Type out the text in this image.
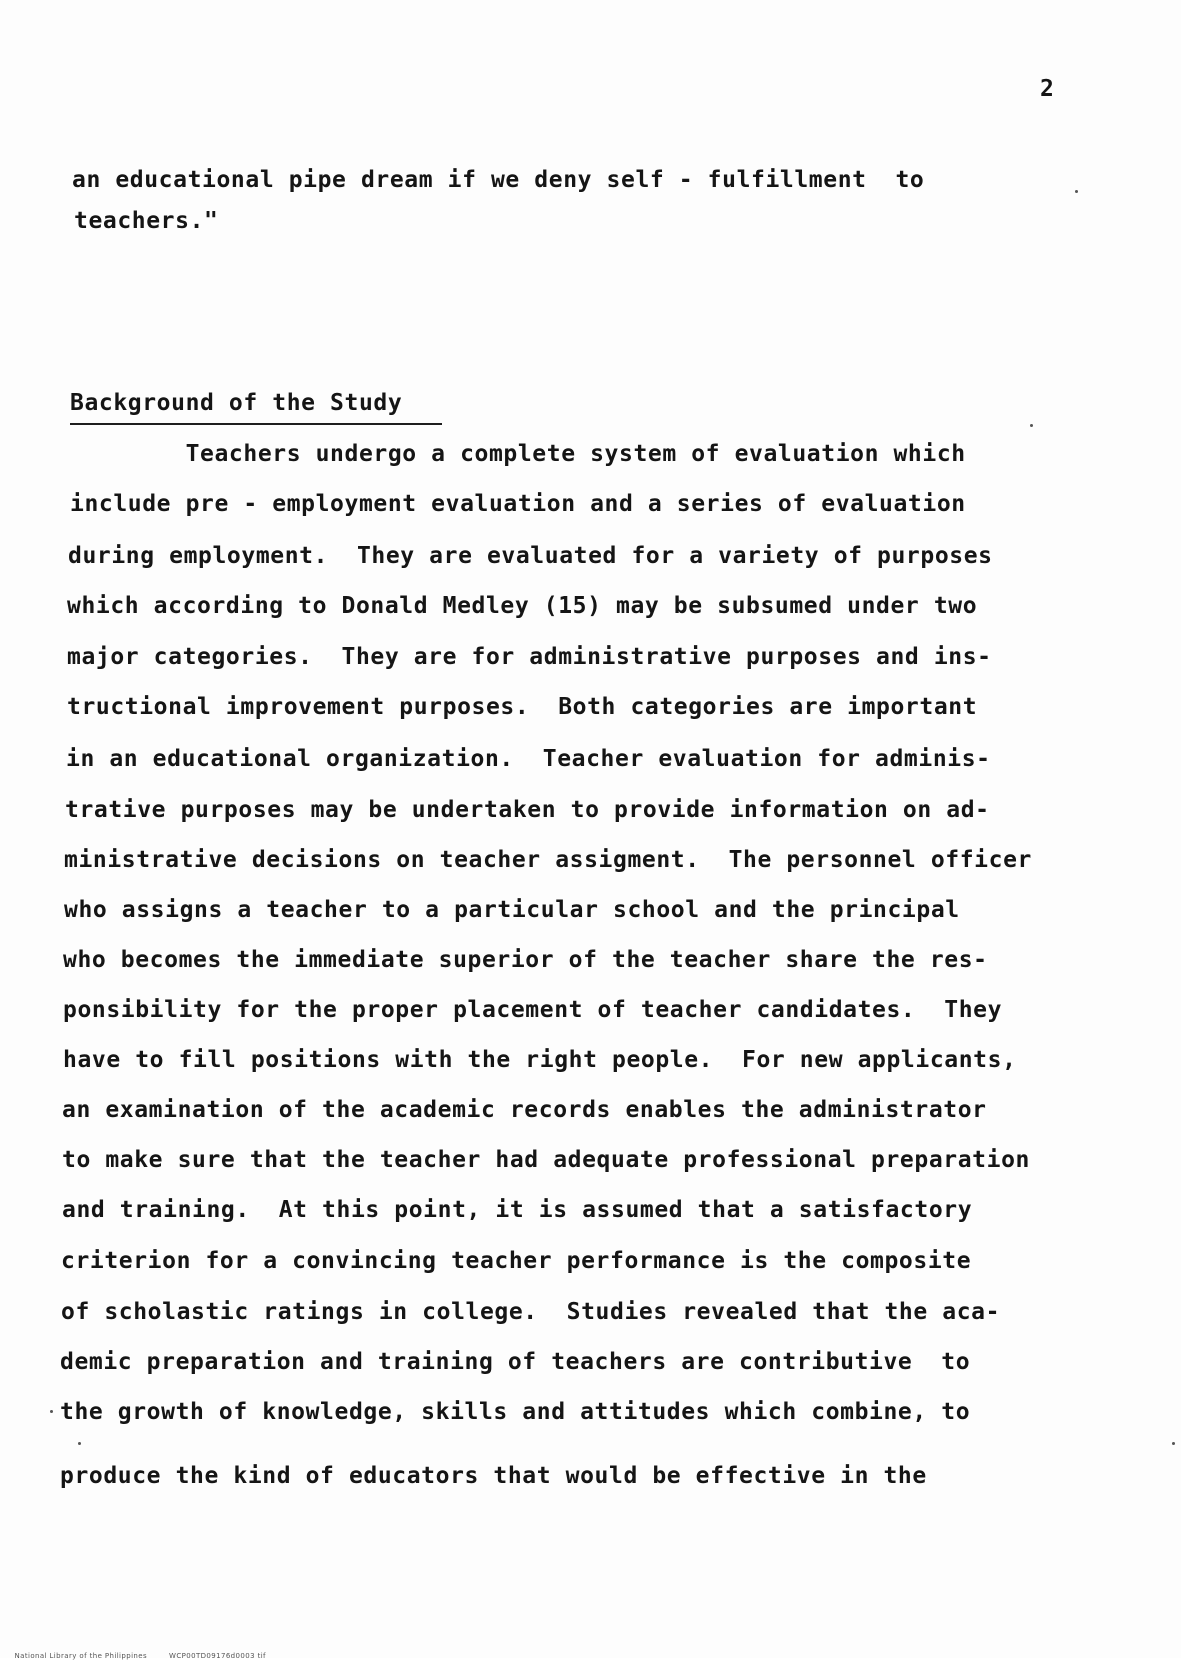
2
an educational pipe dream if we deny self - fulfillment  to
teachers."
Background of the Study
Teachers undergo a complete system of evaluation which
include pre - employment evaluation and a series of evaluation
during employment.  They are evaluated for a variety of purposes
which according to Donald Medley (15) may be subsumed under two
major categories.  They are for administrative purposes and ins-
tructional improvement purposes.  Both categories are important
in an educational organization.  Teacher evaluation for adminis-
trative purposes may be undertaken to provide information on ad-
ministrative decisions on teacher assigment.  The personnel officer
who assigns a teacher to a particular school and the principal
who becomes the immediate superior of the teacher share the res-
ponsibility for the proper placement of teacher candidates.  They
have to fill positions with the right people.  For new applicants,
an examination of the academic records enables the administrator
to make sure that the teacher had adequate professional preparation
and training.  At this point, it is assumed that a satisfactory
criterion for a convincing teacher performance is the composite
of scholastic ratings in college.  Studies revealed that the aca-
demic preparation and training of teachers are contributive  to
the growth of knowledge, skills and attitudes which combine, to
produce the kind of educators that would be effective in the

National Library of the Philippines	WCP00TD09176d0003 tif
